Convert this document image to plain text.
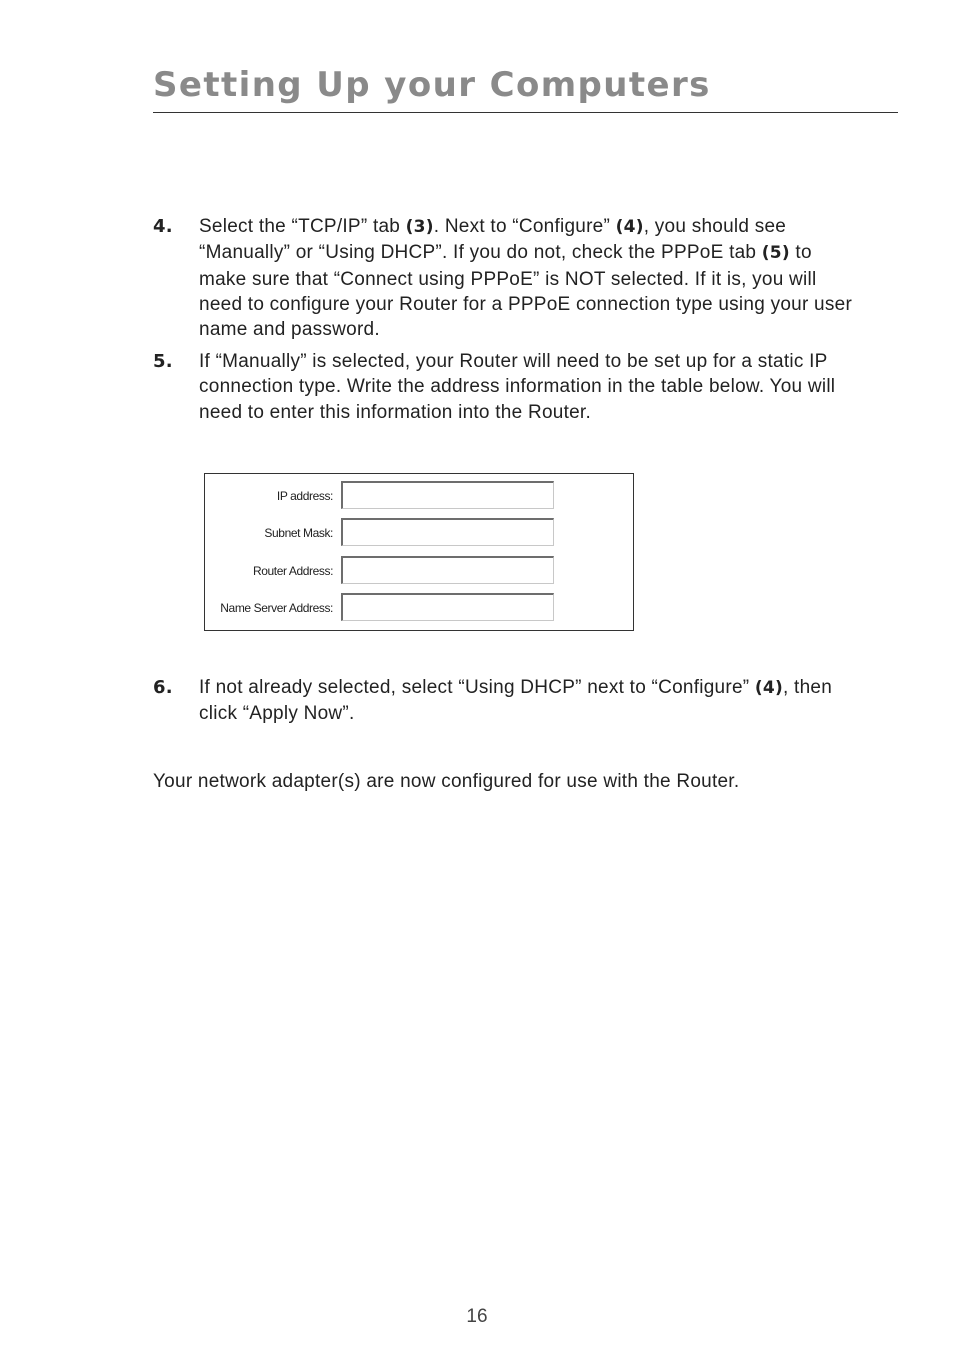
Setting Up your Computers
4. Select the “TCP/IP” tab (3). Next to “Configure” (4), you should see “Manually” or “Using DHCP”. If you do not, check the PPPoE tab (5) to make sure that “Connect using PPPoE” is NOT selected. If it is, you will need to configure your Router for a PPPoE connection type using your user name and password.
5. If “Manually” is selected, your Router will need to be set up for a static IP connection type. Write the address information in the table below. You will need to enter this information into the Router.
IP address:
Subnet Mask:
Router Address:
Name Server Address:
6. If not already selected, select “Using DHCP” next to “Configure” (4), then click “Apply Now”.

Your network adapter(s) are now configured for use with the Router.

16
